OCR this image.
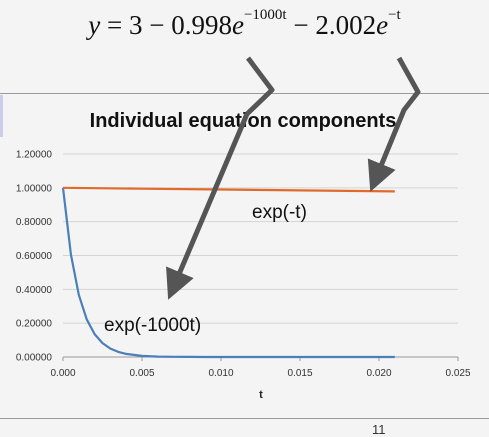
$y = 3 - 0.998e^{-1000t} - 2.002e^{-t}$
11
0.00000
0.20000
0.40000
0.60000
0.80000
1.00000
1.20000
0.000	0.005	0.010	0.015	0.020	0.025
Individual equation components
t
exp(-t)
exp(-1000t)
